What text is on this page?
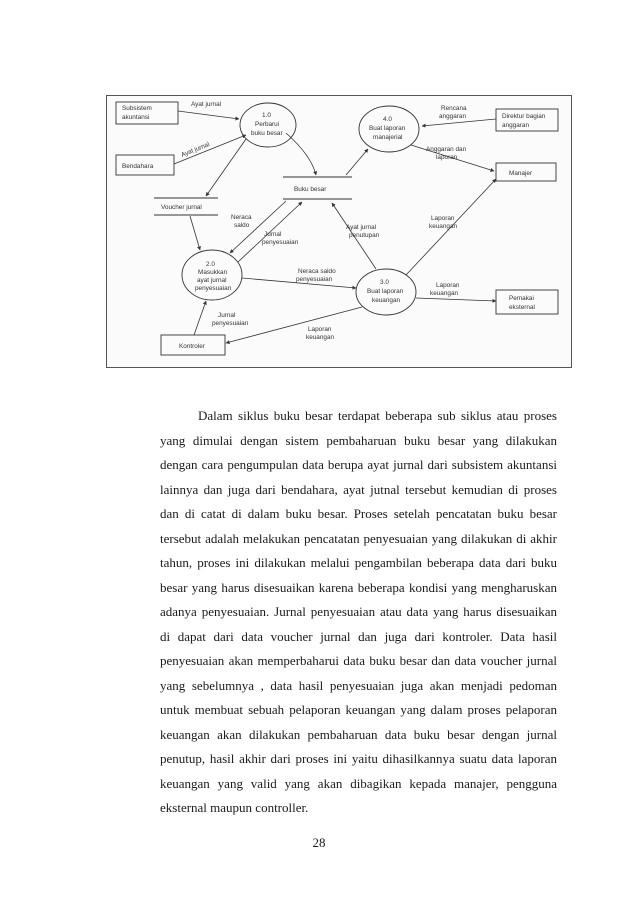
Subsistem
akuntansi
Bendahara
Direktur bagian
anggaran
Manajer
Pemakai
eksternal
Kontroler
1.0
Perbarui
buku besar
4.0
Buat laporan
manajerial
2.0
Masukkan
ayat jurnal
penyesuaian
3.0
Buat laporan
keuangan
Buku besar
Voucher jurnal
Ayat jurnal
Ayat jurnal
Rencana
anggaran
Anggaran dan
laporan
Neraca
saldo
Jurnal
penyesuaian
Ayat jurnal
penutupan
Laporan
keuangan
Neraca saldo
penyesuaian
Laporan
keuangan
Jurnal
penyesuaian
Laporan
keuangan

Dalam siklus buku besar terdapat beberapa sub siklus atau proses yang dimulai dengan sistem pembaharuan buku besar yang dilakukan dengan cara pengumpulan data berupa ayat jurnal dari subsistem akuntansi lainnya dan juga dari bendahara, ayat jutnal tersebut kemudian di proses dan di catat di dalam buku besar. Proses setelah pencatatan buku besar tersebut adalah melakukan pencatatan penyesuaian yang dilakukan di akhir tahun, proses ini dilakukan melalui pengambilan beberapa data dari buku besar yang harus disesuaikan karena beberapa kondisi yang mengharuskan adanya penyesuaian. Jurnal penyesuaian atau data yang harus disesuaikan di dapat dari data voucher jurnal dan juga dari kontroler. Data hasil penyesuaian akan memperbaharui data buku besar dan data voucher jurnal yang sebelumnya , data hasil penyesuaian juga akan menjadi pedoman untuk membuat sebuah pelaporan keuangan yang dalam proses pelaporan keuangan akan dilakukan pembaharuan data buku besar dengan jurnal penutup, hasil akhir dari proses ini yaitu dihasilkannya suatu data laporan keuangan yang valid yang akan dibagikan kepada manajer, pengguna eksternal maupun controller.

28
